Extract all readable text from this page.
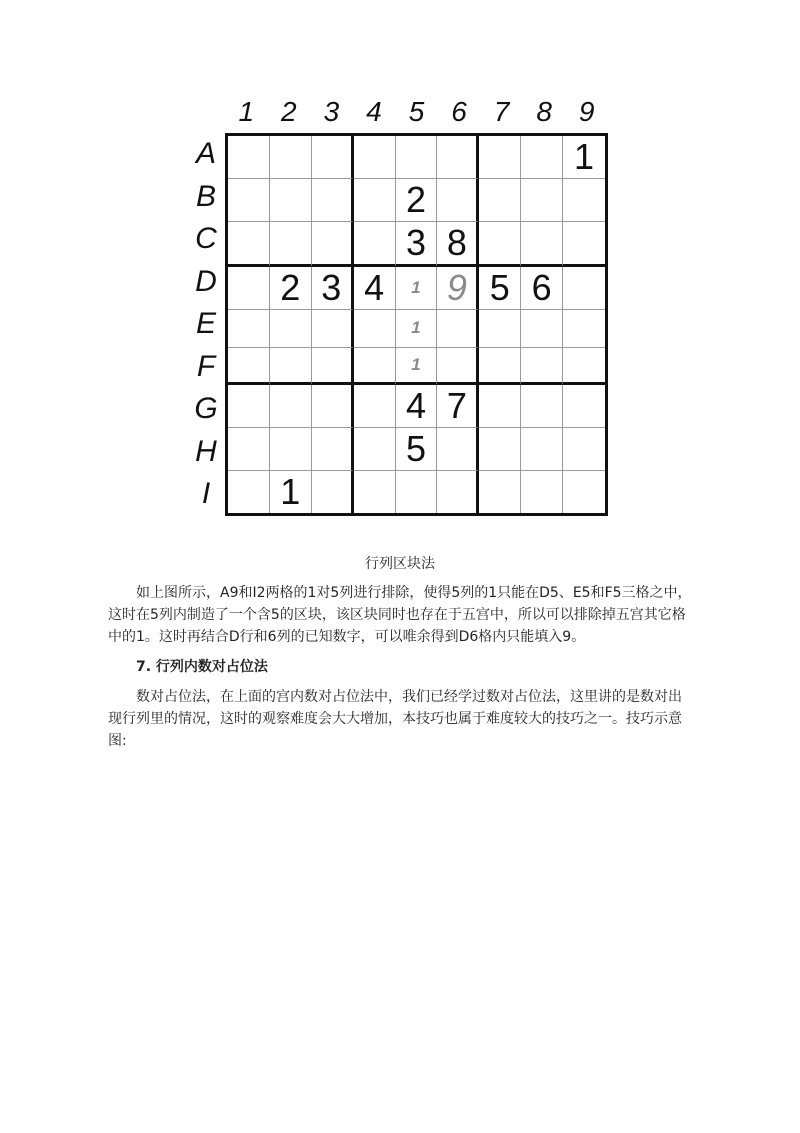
1 2 3 4 5 6 7 8 9
A
B
C
D
E
F
G
H
I
1
2
3 8
2 3 4	1 9 5 6
1
1
4 7
5
1
行列区块法

如上图所示，A9和I2两格的1对5列进行排除，使得5列的1只能在D5、E5和F5三格之中，这时在5列内制造了一个含5的区块，该区块同时也存在于五宫中，所以可以排除掉五宫其它格中的1。这时再结合D行和6列的已知数字，可以唯余得到D6格内只能填入9。

7. 行列内数对占位法

数对占位法，在上面的宫内数对占位法中，我们已经学过数对占位法，这里讲的是数对出现行列里的情况，这时的观察难度会大大增加，本技巧也属于难度较大的技巧之一。技巧示意图:
